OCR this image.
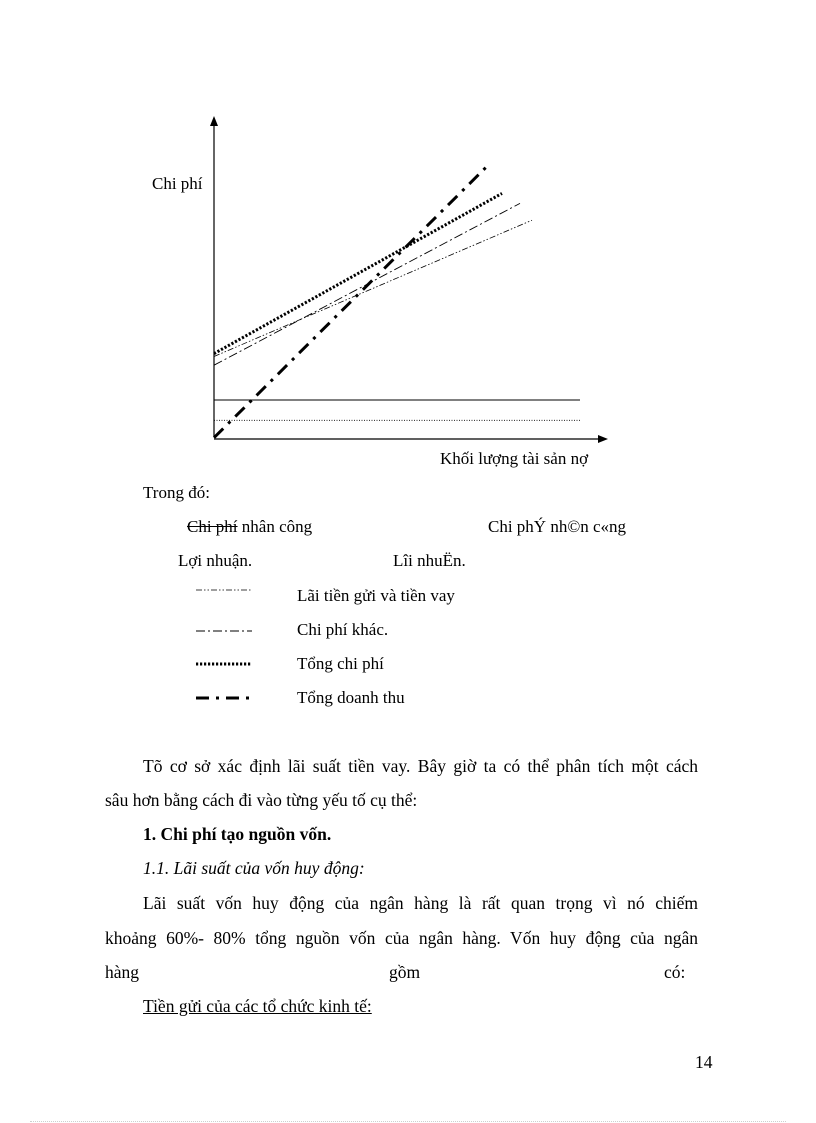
Chi phí
Khối lượng tài sản nợ
Trong đó:
Chi phí nhân công	Chi phÝ nh©n c«ng
Lợi nhuận.	Lîi nhuËn.
Lãi tiền gửi và tiền vay
Chi phí khác.
Tổng chi phí
Tổng doanh thu
Tõ cơ sở xác định lãi suất tiền vay. Bây giờ ta có thể phân tích một cách
sâu hơn bằng cách đi vào từng yếu tố cụ thể:
1. Chi phí tạo nguồn vốn.
1.1. Lãi suất của vốn huy động:
Lãi suất vốn huy động của ngân hàng là rất quan trọng vì nó chiếm
khoảng 60%- 80% tổng nguồn vốn của ngân hàng. Vốn huy động của ngân
hàng	gồm	có:
Tiền gửi của các tổ chức kinh tế:
14
